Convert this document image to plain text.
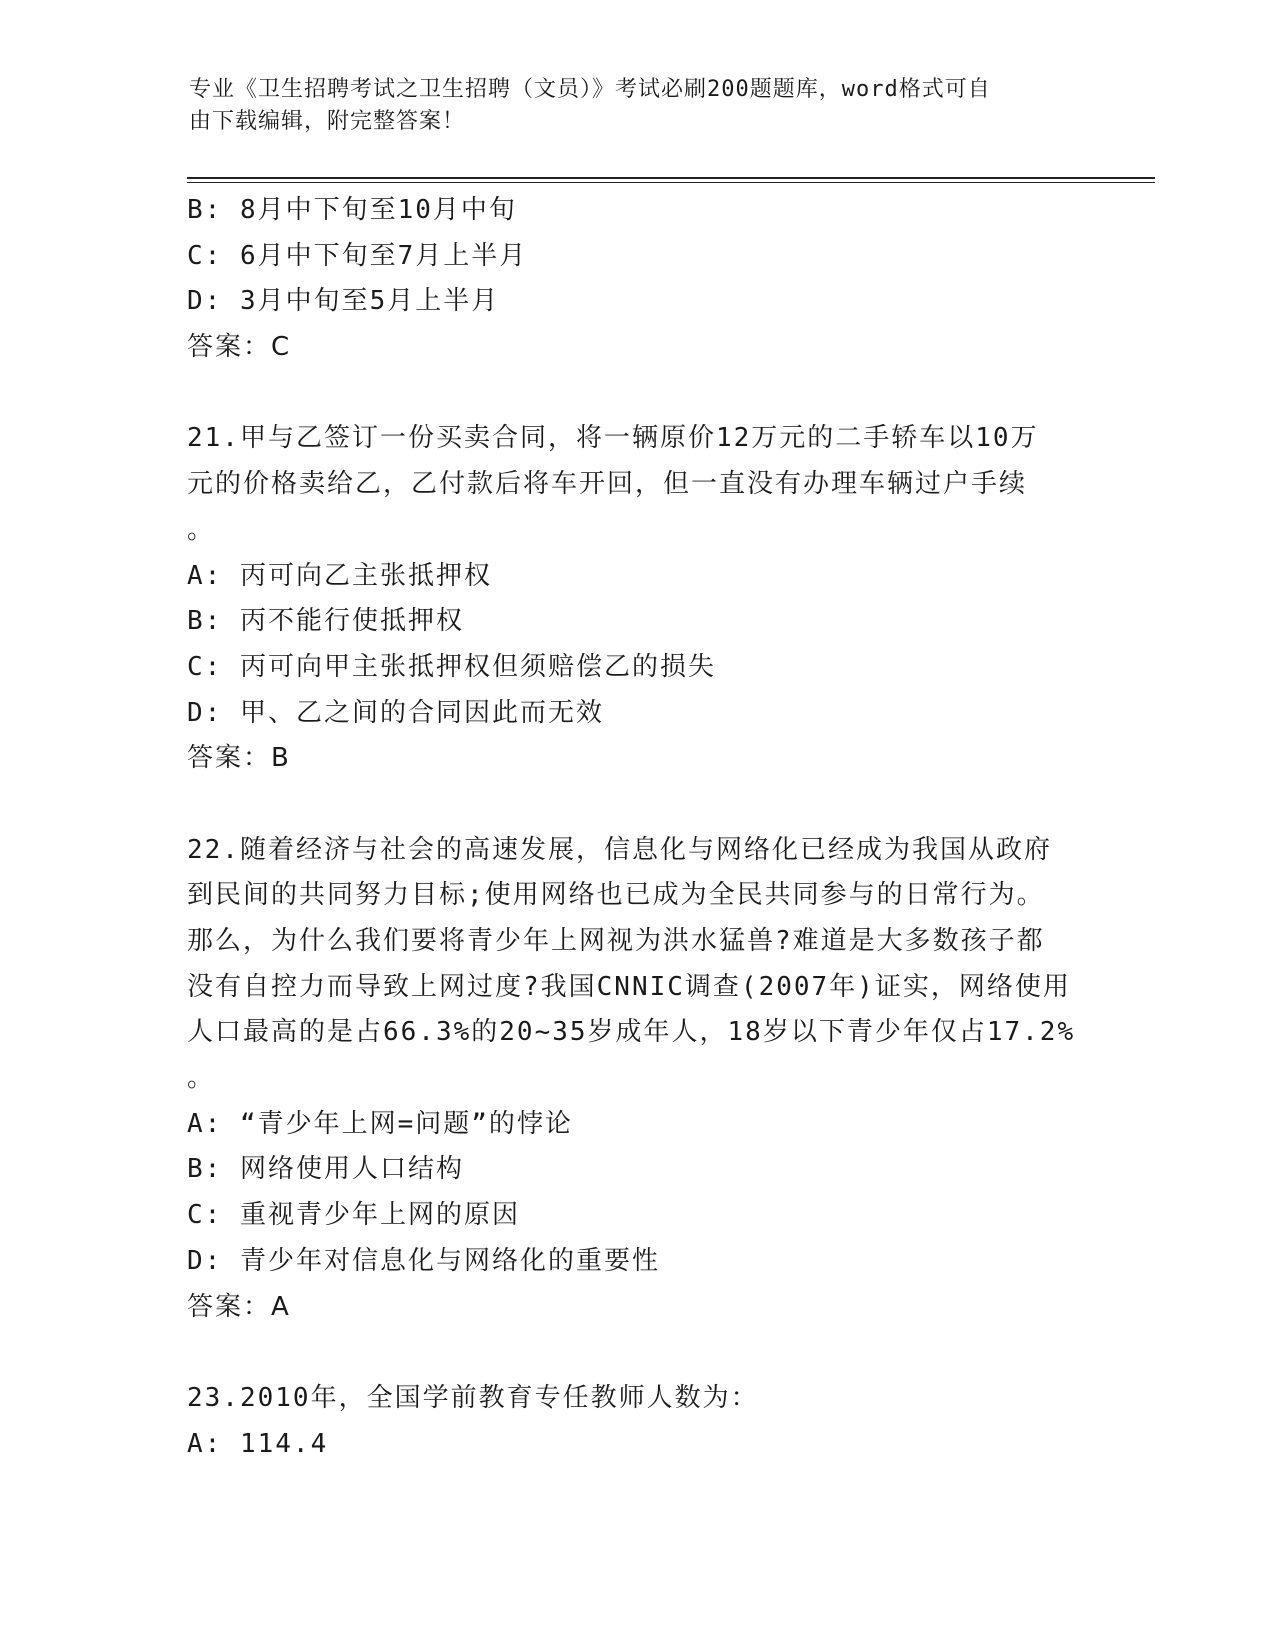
专业《卫生招聘考试之卫生招聘（文员）》考试必刷200题题库，word格式可自
由下载编辑，附完整答案！
B: 8月中下旬至10月中旬
C: 6月中下旬至7月上半月
D: 3月中旬至5月上半月
答案：C
21.甲与乙签订一份买卖合同，将一辆原价12万元的二手轿车以10万
元的价格卖给乙，乙付款后将车开回，但一直没有办理车辆过户手续
。
A: 丙可向乙主张抵押权
B: 丙不能行使抵押权
C: 丙可向甲主张抵押权但须赔偿乙的损失
D: 甲、乙之间的合同因此而无效
答案：B
22.随着经济与社会的高速发展，信息化与网络化已经成为我国从政府
到民间的共同努力目标;使用网络也已成为全民共同参与的日常行为。
那么，为什么我们要将青少年上网视为洪水猛兽?难道是大多数孩子都
没有自控力而导致上网过度?我国CNNIC调查(2007年)证实，网络使用
人口最高的是占66.3%的20~35岁成年人，18岁以下青少年仅占17.2%
。
A: “青少年上网=问题”的悖论
B: 网络使用人口结构
C: 重视青少年上网的原因
D: 青少年对信息化与网络化的重要性
答案：A
23.2010年，全国学前教育专任教师人数为：
A: 114.4
